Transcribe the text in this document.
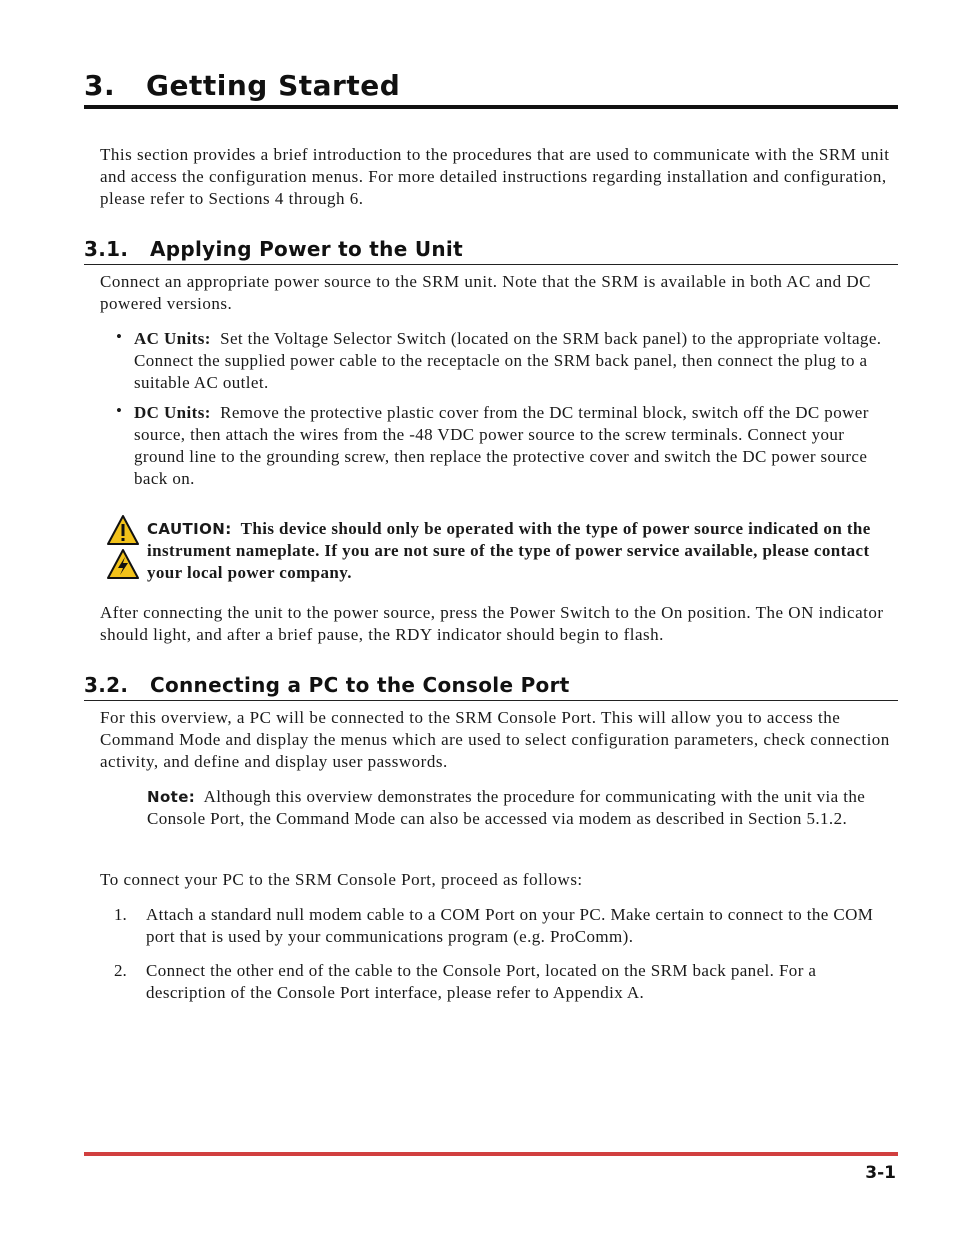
3. Getting Started
This section provides a brief introduction to the procedures that are used to communicate with the SRM unit and access the configuration menus. For more detailed instructions regarding installation and configuration, please refer to Sections 4 through 6.
3.1. Applying Power to the Unit
Connect an appropriate power source to the SRM unit. Note that the SRM is available in both AC and DC powered versions.
• AC Units: Set the Voltage Selector Switch (located on the SRM back panel) to the appropriate voltage. Connect the supplied power cable to the receptacle on the SRM back panel, then connect the plug to a suitable AC outlet.
• DC Units: Remove the protective plastic cover from the DC terminal block, switch off the DC power source, then attach the wires from the -48 VDC power source to the screw terminals. Connect your ground line to the grounding screw, then replace the protective cover and switch the DC power source back on.
CAUTION: This device should only be operated with the type of power source indicated on the instrument nameplate. If you are not sure of the type of power service available, please contact your local power company.
After connecting the unit to the power source, press the Power Switch to the On position. The ON indicator should light, and after a brief pause, the RDY indicator should begin to flash.
3.2. Connecting a PC to the Console Port
For this overview, a PC will be connected to the SRM Console Port. This will allow you to access the Command Mode and display the menus which are used to select configuration parameters, check connection activity, and define and display user passwords.
Note: Although this overview demonstrates the procedure for communicating with the unit via the Console Port, the Command Mode can also be accessed via modem as described in Section 5.1.2.
To connect your PC to the SRM Console Port, proceed as follows:
1. Attach a standard null modem cable to a COM Port on your PC. Make certain to connect to the COM port that is used by your communications program (e.g. ProComm).
2. Connect the other end of the cable to the Console Port, located on the SRM back panel. For a description of the Console Port interface, please refer to Appendix A.
3-1
